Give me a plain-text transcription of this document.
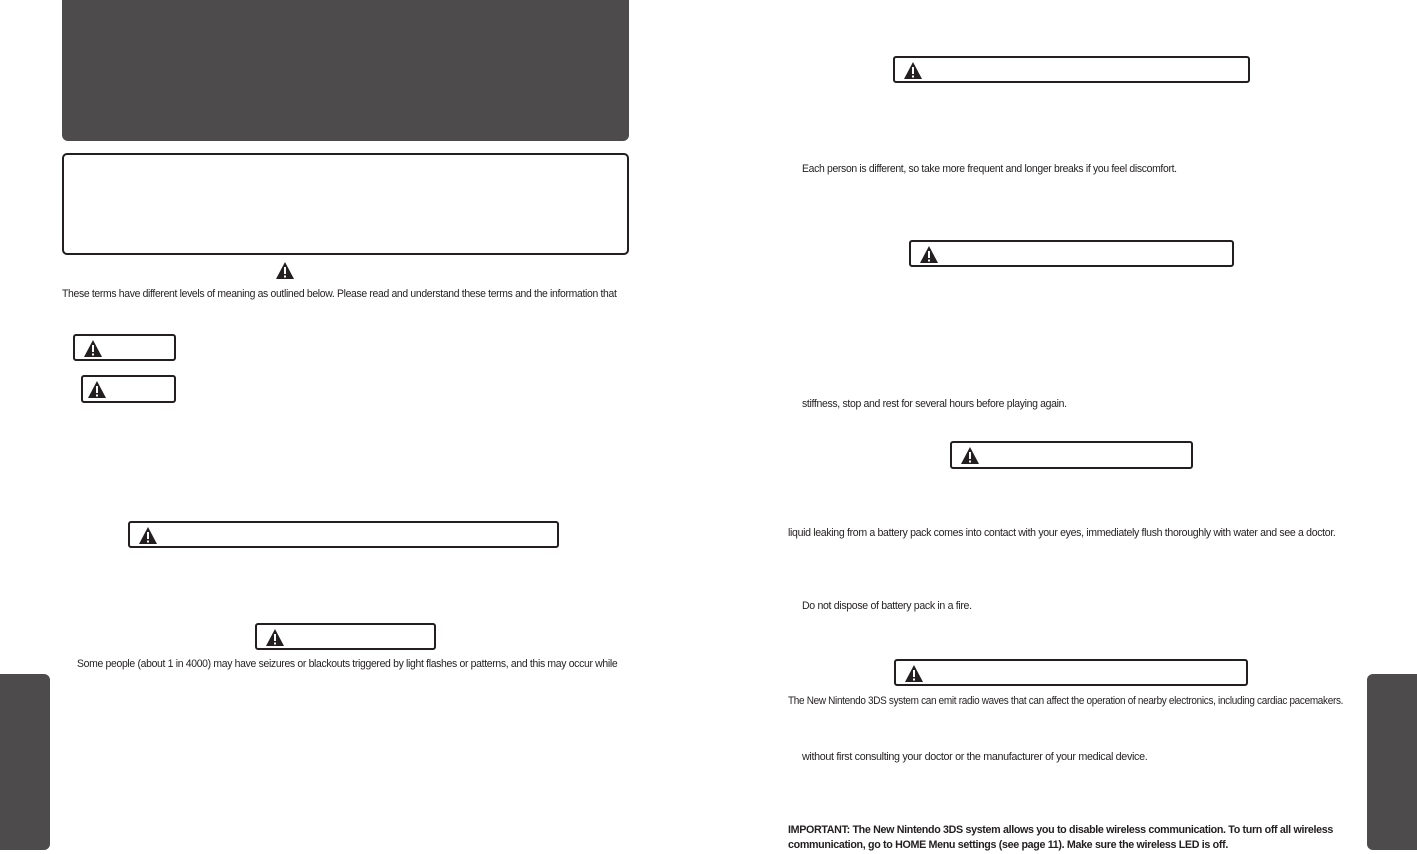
These terms have different levels of meaning as outlined below. Please read and understand these terms and the information that
Some people (about 1 in 4000) may have seizures or blackouts triggered by light flashes or patterns, and this may occur while
Each person is different, so take more frequent and longer breaks if you feel discomfort.
stiffness, stop and rest for several hours before playing again.
liquid leaking from a battery pack comes into contact with your eyes, immediately flush thoroughly with water and see a doctor.
Do not dispose of battery pack in a fire.
The New Nintendo 3DS system can emit radio waves that can affect the operation of nearby electronics, including cardiac pacemakers.
without first consulting your doctor or the manufacturer of your medical device.
IMPORTANT: The New Nintendo 3DS system allows you to disable wireless communication. To turn off all wireless
communication, go to HOME Menu settings (see page 11). Make sure the wireless LED is off.
